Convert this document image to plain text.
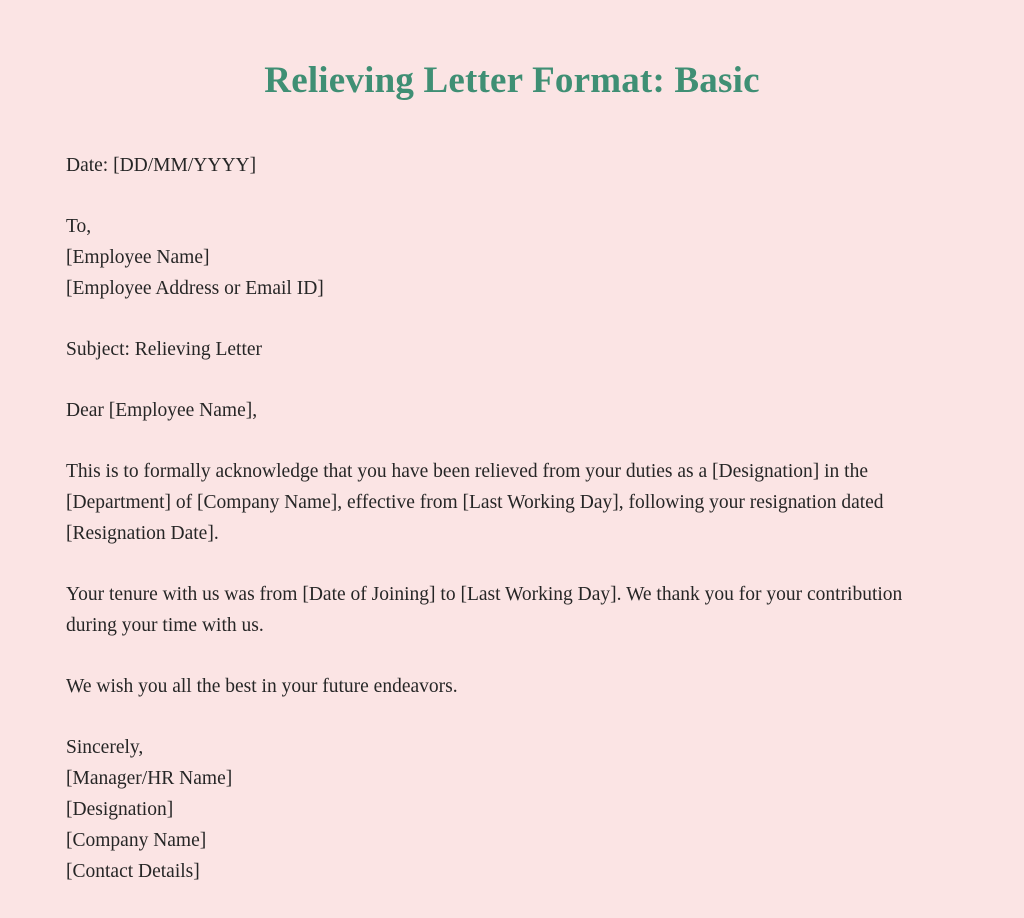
Relieving Letter Format: Basic

Date: [DD/MM/YYYY]

To,
[Employee Name]
[Employee Address or Email ID]

Subject: Relieving Letter

Dear [Employee Name],

This is to formally acknowledge that you have been relieved from your duties as a [Designation] in the [Department] of [Company Name], effective from [Last Working Day], following your resignation dated [Resignation Date].

Your tenure with us was from [Date of Joining] to [Last Working Day]. We thank you for your contribution during your time with us.

We wish you all the best in your future endeavors.

Sincerely,
[Manager/HR Name]
[Designation]
[Company Name]
[Contact Details]
